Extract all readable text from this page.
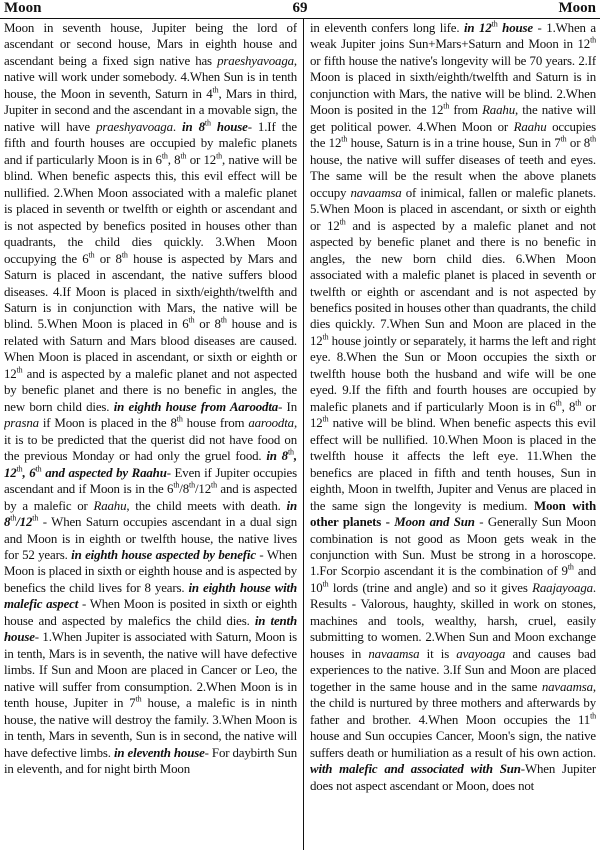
Moon	69	Moon

Moon in seventh house, Jupiter being the lord of ascendant or second house, Mars in eighth house and ascendant being a fixed sign native has praeshyavoaga, native will work under somebody. 4.When Sun is in tenth house, the Moon in seventh, Saturn in 4th, Mars in third, Jupiter in second and the ascendant in a movable sign, the native will have praeshyavoaga. in 8th house- 1.If the fifth and fourth houses are occupied by malefic planets and if particularly Moon is in 6th, 8th or 12th, native will be blind. When benefic aspects this, this evil effect will be nullified. 2.When Moon associated with a malefic planet is placed in seventh or twelfth or eighth or ascendant and is not aspected by benefics posited in houses other than quadrants, the child dies quickly. 3.When Moon occupying the 6th or 8th house is aspected by Mars and Saturn is placed in ascendant, the native suffers blood diseases. 4.If Moon is placed in sixth/eighth/twelfth and Saturn is in conjunction with Mars, the native will be blind. 5.When Moon is placed in 6th or 8th house and is related with Saturn and Mars blood diseases are caused. When Moon is placed in ascendant, or sixth or eighth or 12th and is aspected by a malefic planet and not aspected by benefic planet and there is no benefic in angles, the new born child dies. in eighth house from Aaroodta- In prasna if Moon is placed in the 8th house from aaroodta, it is to be predicted that the querist did not have food on the previous Monday or had only the gruel food. in 8th, 12th, 6th and aspected by Raahu- Even if Jupiter occupies ascendant and if Moon is in the 6th/8th/12th and is aspected by a malefic or Raahu, the child meets with death. in 8th/12th - When Saturn occupies ascendant in a dual sign and Moon is in eighth or twelfth house, the native lives for 52 years. in eighth house aspected by benefic - When Moon is placed in sixth or eighth house and is aspected by benefics the child lives for 8 years. in eighth house with malefic aspect - When Moon is posited in sixth or eighth house and aspected by malefics the child dies. in tenth house- 1.When Jupiter is associated with Saturn, Moon is in tenth, Mars is in seventh, the native will have defective limbs. If Sun and Moon are placed in Cancer or Leo, the native will suffer from consumption. 2.When Moon is in tenth house, Jupiter in 7th house, a malefic is in ninth house, the native will destroy the family. 3.When Moon is in tenth, Mars in seventh, Sun is in second, the native will have defective limbs. in eleventh house- For daybirth Sun in eleventh, and for night birth Moon

in eleventh confers long life. in 12th house - 1.When a weak Jupiter joins Sun+Mars+Saturn and Moon in 12th or fifth house the native's longevity will be 70 years. 2.If Moon is placed in sixth/eighth/twelfth and Saturn is in conjunction with Mars, the native will be blind. 2.When Moon is posited in the 12th from Raahu, the native will get political power. 4.When Moon or Raahu occupies the 12th house, Saturn is in a trine house, Sun in 7th or 8th house, the native will suffer diseases of teeth and eyes. The same will be the result when the above planets occupy navaamsa of inimical, fallen or malefic planets. 5.When Moon is placed in ascendant, or sixth or eighth or 12th and is aspected by a malefic planet and not aspected by benefic planet and there is no benefic in angles, the new born child dies. 6.When Moon associated with a malefic planet is placed in seventh or twelfth or eighth or ascendant and is not aspected by benefics posited in houses other than quadrants, the child dies quickly. 7.When Sun and Moon are placed in the 12th house jointly or separately, it harms the left and right eye. 8.When the Sun or Moon occupies the sixth or twelfth house both the husband and wife will be one eyed. 9.If the fifth and fourth houses are occupied by malefic planets and if particularly Moon is in 6th, 8th or 12th native will be blind. When benefic aspects this evil effect will be nullified. 10.When Moon is placed in the twelfth house it affects the left eye. 11.When the benefics are placed in fifth and tenth houses, Sun in eighth, Moon in twelfth, Jupiter and Venus are placed in the same sign the longevity is medium. Moon with other planets - Moon and Sun - Generally Sun Moon combination is not good as Moon gets weak in the conjunction with Sun. Must be strong in a horoscope. 1.For Scorpio ascendant it is the combination of 9th and 10th lords (trine and angle) and so it gives Raajayoaga. Results - Valorous, haughty, skilled in work on stones, machines and tools, wealthy, harsh, cruel, easily submitting to women. 2.When Sun and Moon exchange houses in navaamsa it is avayoaga and causes bad experiences to the native. 3.If Sun and Moon are placed together in the same house and in the same navaamsa, the child is nurtured by three mothers and afterwards by father and brother. 4.When Moon occupies the 11th house and Sun occupies Cancer, Moon's sign, the native suffers death or humiliation as a result of his own action. with malefic and associated with Sun-When Jupiter does not aspect ascendant or Moon, does not
